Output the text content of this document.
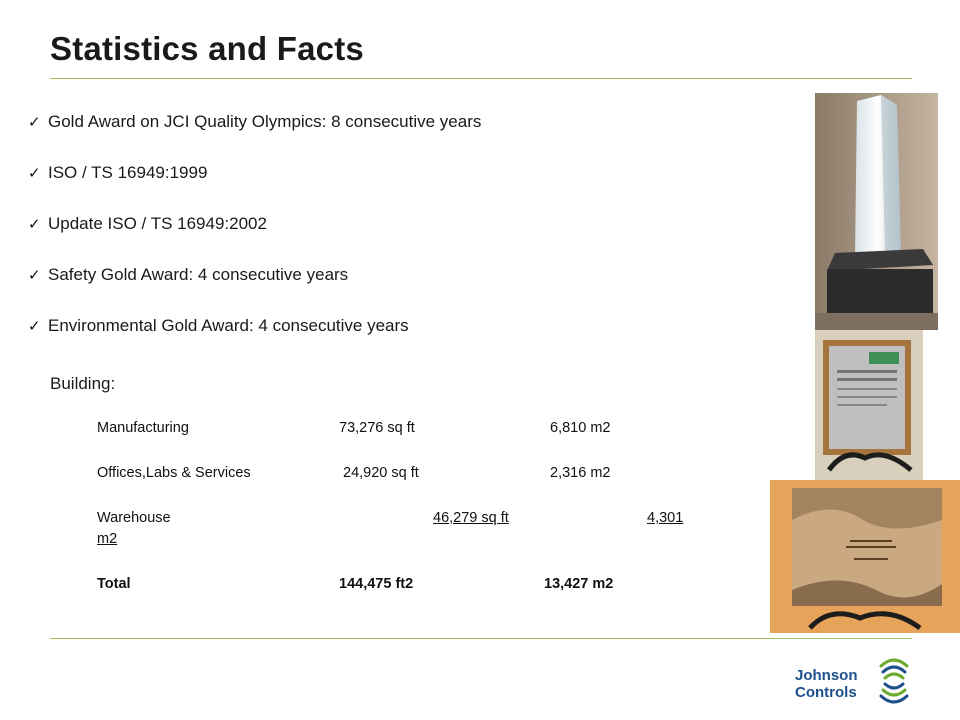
Statistics and Facts
✓ Gold Award on JCI Quality Olympics: 8 consecutive years
✓ ISO / TS 16949:1999
✓ Update ISO / TS 16949:2002
✓ Safety Gold Award: 4 consecutive years
✓ Environmental Gold Award: 4 consecutive years
Building:
Manufacturing	73,276 sq ft	6,810 m2
Offices,Labs & Services	24,920 sq ft	2,316 m2
Warehouse	46,279 sq ft	4,301
m2
Total	144,475 ft2	13,427 m2
Johnson
Controls
